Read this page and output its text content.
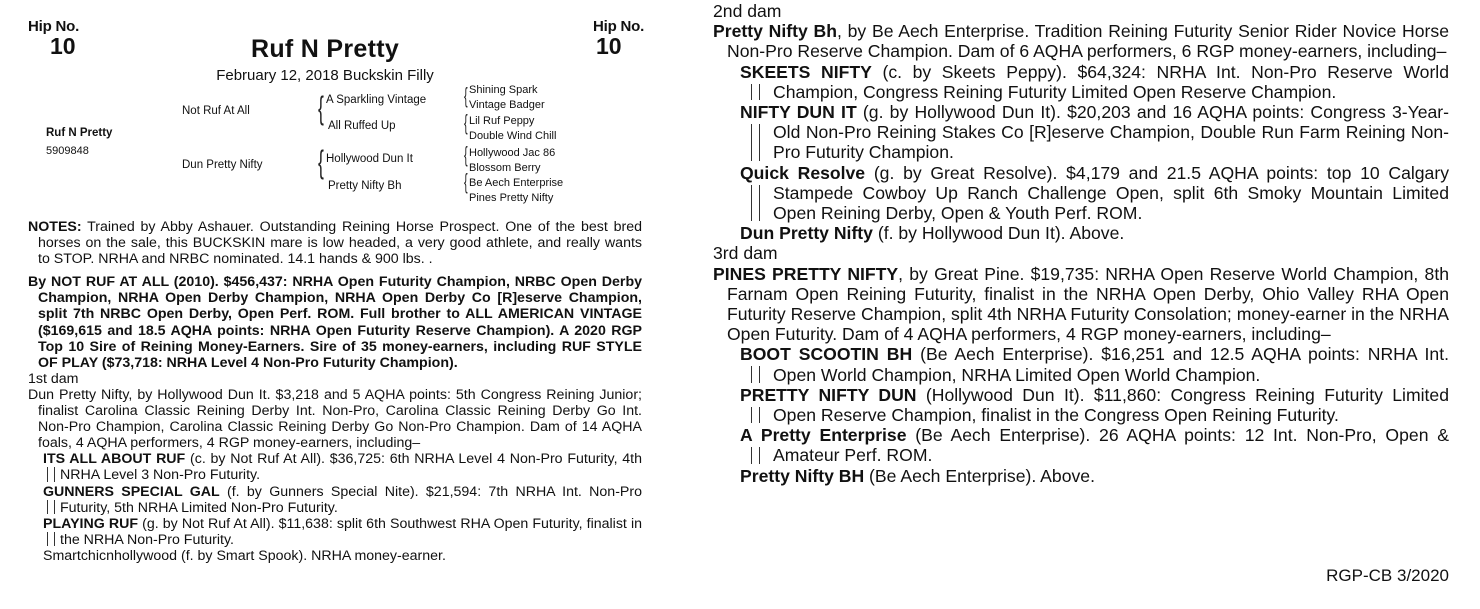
Hip No.
10
Hip No.
10
Ruf N Pretty
February 12, 2018 Buckskin Filly
Ruf N Pretty
5909848
Not Ruf At All
Dun Pretty Nifty
{
{
A Sparkling Vintage
All Ruffed Up
Hollywood Dun It
Pretty Nifty Bh
{
{
{
{
Shining Spark
Vintage Badger
Lil Ruf Peppy
Double Wind Chill
Hollywood Jac 86
Blossom Berry
Be Aech Enterprise
Pines Pretty Nifty

NOTES: Trained by Abby Ashauer. Outstanding Reining Horse Prospect. One of the best bred horses on the sale, this BUCKSKIN mare is low headed, a very good athlete, and really wants to STOP. NRHA and NRBC nominated. 14.1 hands & 900 lbs. .

By NOT RUF AT ALL (2010). $456,437: NRHA Open Futurity Champion, NRBC Open Derby Champion, NRHA Open Derby Champion, NRHA Open Derby Co [R]eserve Champion, split 7th NRBC Open Derby, Open Perf. ROM. Full brother to ALL AMERICAN VINTAGE ($169,615 and 18.5 AQHA points: NRHA Open Futurity Reserve Champion). A 2020 RGP Top 10 Sire of Reining Money-Earners. Sire of 35 money-earners, including RUF STYLE OF PLAY ($73,718: NRHA Level 4 Non-Pro Futurity Champion).

1st dam

Dun Pretty Nifty, by Hollywood Dun It. $3,218 and 5 AQHA points: 5th Congress Reining Junior; finalist Carolina Classic Reining Derby Int. Non-Pro, Carolina Classic Reining Derby Go Int. Non-Pro Champion, Carolina Classic Reining Derby Go Non-Pro Champion. Dam of 14 AQHA foals, 4 AQHA performers, 4 RGP money-earners, including–

ITS ALL ABOUT RUF (c. by Not Ruf At All). $36,725: 6th NRHA Level 4 Non-Pro Futurity, 4th NRHA Level 3 Non-Pro Futurity.

GUNNERS SPECIAL GAL (f. by Gunners Special Nite). $21,594: 7th NRHA Int. Non-Pro Futurity, 5th NRHA Limited Non-Pro Futurity.

PLAYING RUF (g. by Not Ruf At All). $11,638: split 6th Southwest RHA Open Futurity, finalist in the NRHA Non-Pro Futurity.

Smartchicnhollywood (f. by Smart Spook). NRHA money-earner.

2nd dam

Pretty Nifty Bh, by Be Aech Enterprise. Tradition Reining Futurity Senior Rider Novice Horse Non-Pro Reserve Champion. Dam of 6 AQHA performers, 6 RGP money-earners, including–

SKEETS NIFTY (c. by Skeets Peppy). $64,324: NRHA Int. Non-Pro Reserve World Champion, Congress Reining Futurity Limited Open Reserve Champion.

NIFTY DUN IT (g. by Hollywood Dun It). $20,203 and 16 AQHA points: Congress 3-Year-Old Non-Pro Reining Stakes Co [R]eserve Champion, Double Run Farm Reining Non-Pro Futurity Champion.

Quick Resolve (g. by Great Resolve). $4,179 and 21.5 AQHA points: top 10 Calgary Stampede Cowboy Up Ranch Challenge Open, split 6th Smoky Mountain Limited Open Reining Derby, Open & Youth Perf. ROM.

Dun Pretty Nifty (f. by Hollywood Dun It). Above.

3rd dam

PINES PRETTY NIFTY, by Great Pine. $19,735: NRHA Open Reserve World Champion, 8th Farnam Open Reining Futurity, finalist in the NRHA Open Derby, Ohio Valley RHA Open Futurity Reserve Champion, split 4th NRHA Futurity Consolation; money-earner in the NRHA Open Futurity. Dam of 4 AQHA performers, 4 RGP money-earners, including–

BOOT SCOOTIN BH (Be Aech Enterprise). $16,251 and 12.5 AQHA points: NRHA Int. Open World Champion, NRHA Limited Open World Champion.

PRETTY NIFTY DUN (Hollywood Dun It). $11,860: Congress Reining Futurity Limited Open Reserve Champion, finalist in the Congress Open Reining Futurity.

A Pretty Enterprise (Be Aech Enterprise). 26 AQHA points: 12 Int. Non-Pro, Open & Amateur Perf. ROM.

Pretty Nifty BH (Be Aech Enterprise). Above.

RGP-CB 3/2020
